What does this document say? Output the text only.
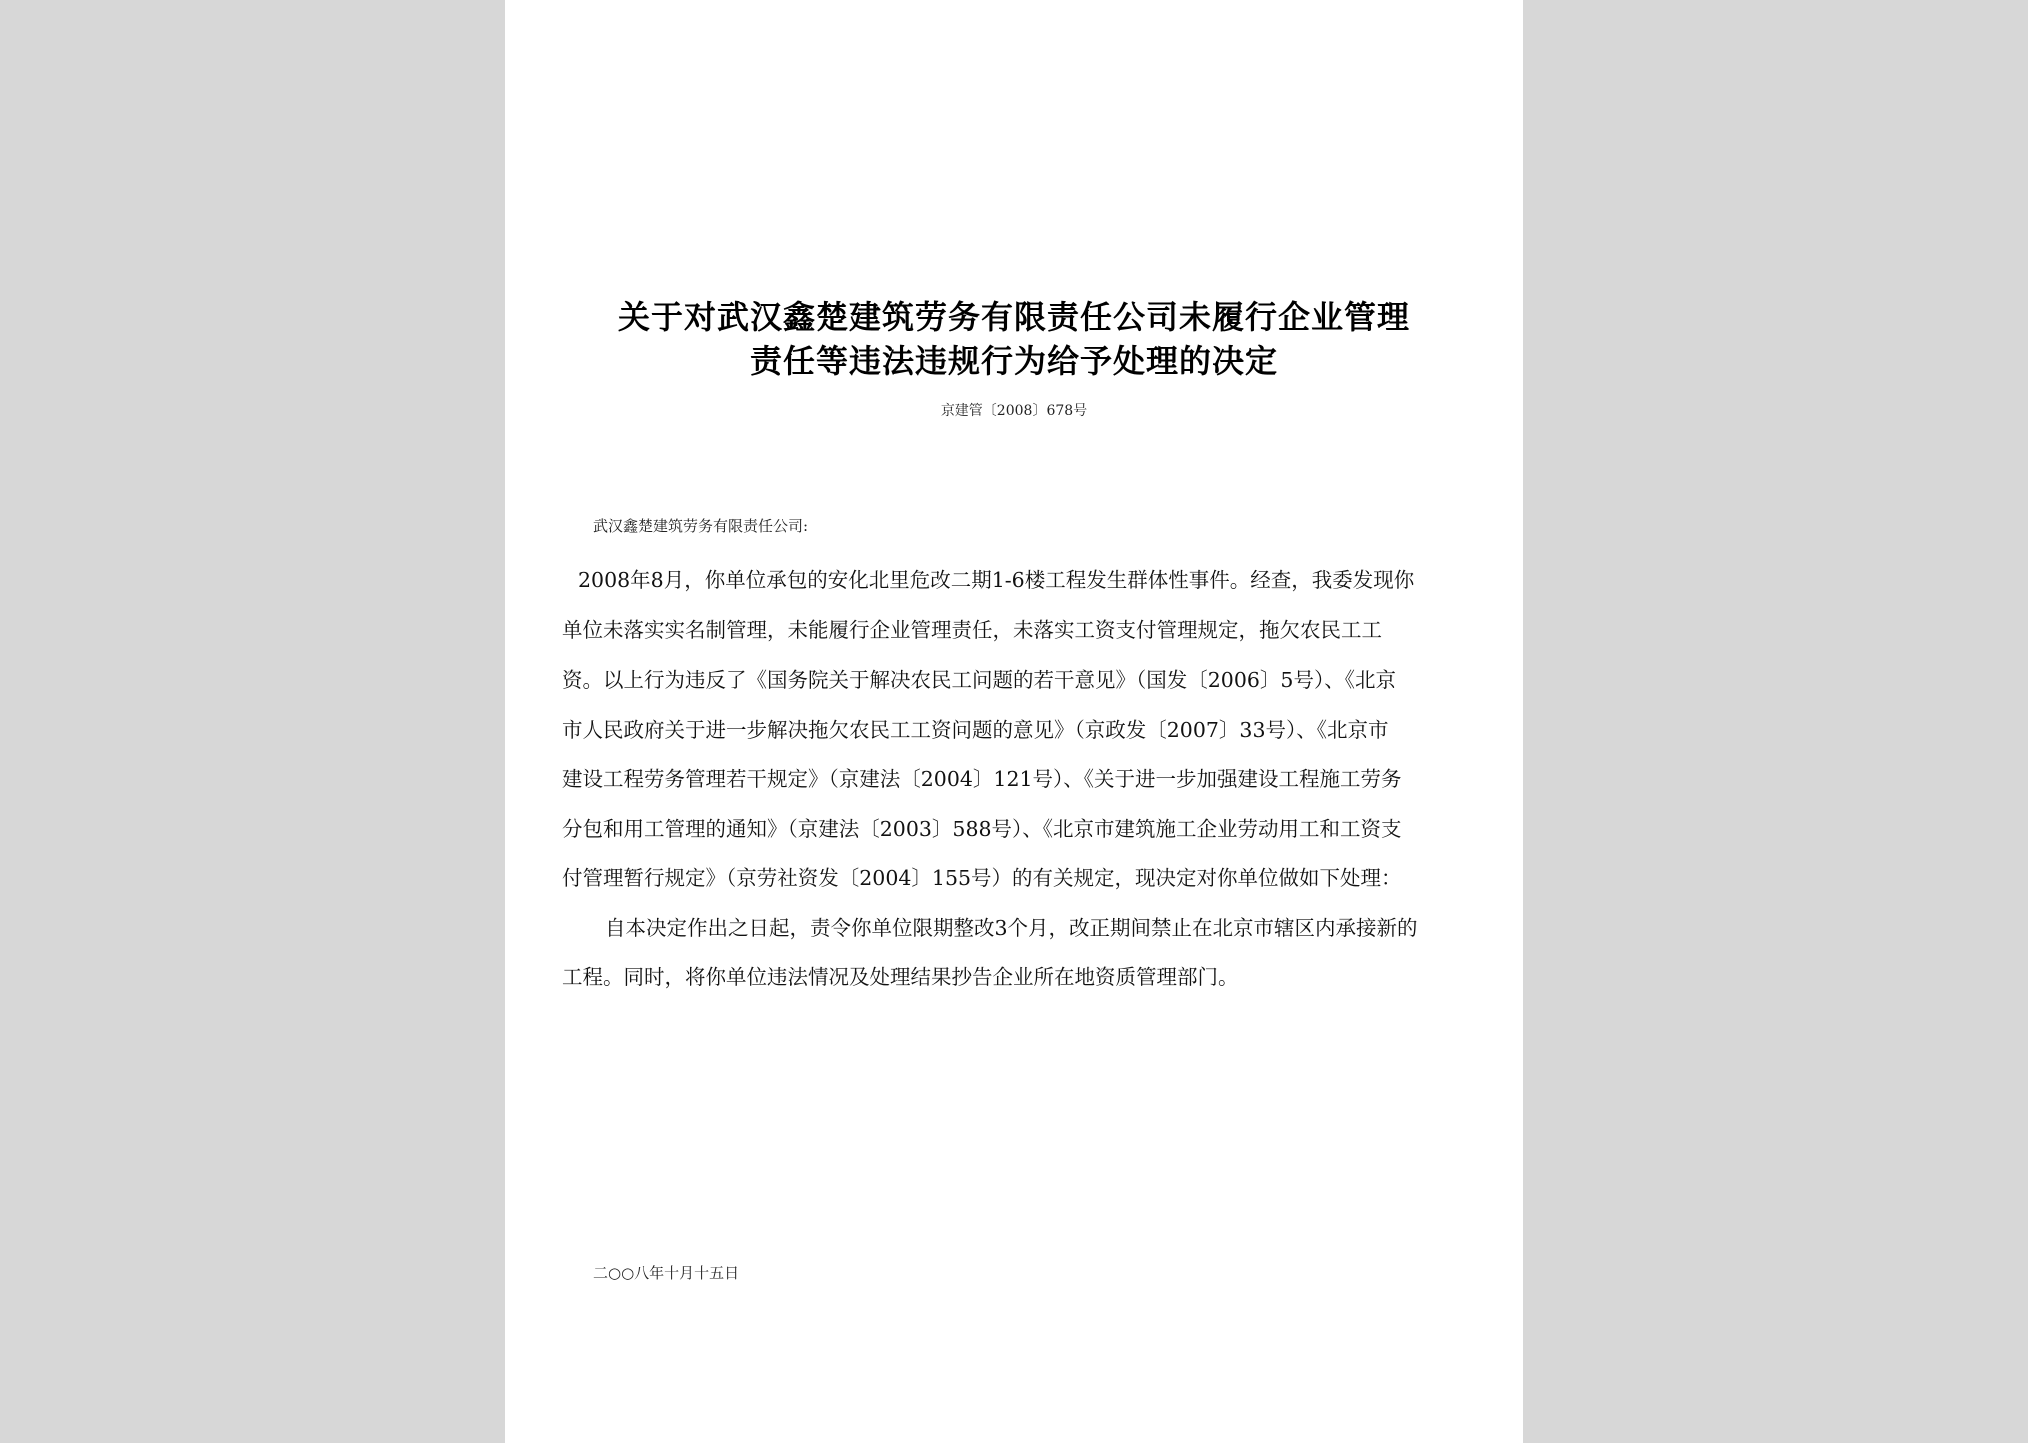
关于对武汉鑫楚建筑劳务有限责任公司未履行企业管理
责任等违法违规行为给予处理的决定
京建管〔2008〕678号
武汉鑫楚建筑劳务有限责任公司:
2008年8月，你单位承包的安化北里危改二期1-6楼工程发生群体性事件。经查，我委发现你
单位未落实实名制管理，未能履行企业管理责任，未落实工资支付管理规定，拖欠农民工工
资。以上行为违反了《国务院关于解决农民工问题的若干意见》（国发〔2006〕5号）、《北京
市人民政府关于进一步解决拖欠农民工工资问题的意见》（京政发〔2007〕33号）、《北京市
建设工程劳务管理若干规定》（京建法〔2004〕121号）、《关于进一步加强建设工程施工劳务
分包和用工管理的通知》（京建法〔2003〕588号）、《北京市建筑施工企业劳动用工和工资支
付管理暂行规定》（京劳社资发〔2004〕155号）的有关规定，现决定对你单位做如下处理：
自本决定作出之日起，责令你单位限期整改3个月，改正期间禁止在北京市辖区内承接新的
工程。同时，将你单位违法情况及处理结果抄告企业所在地资质管理部门。
二○○八年十月十五日
